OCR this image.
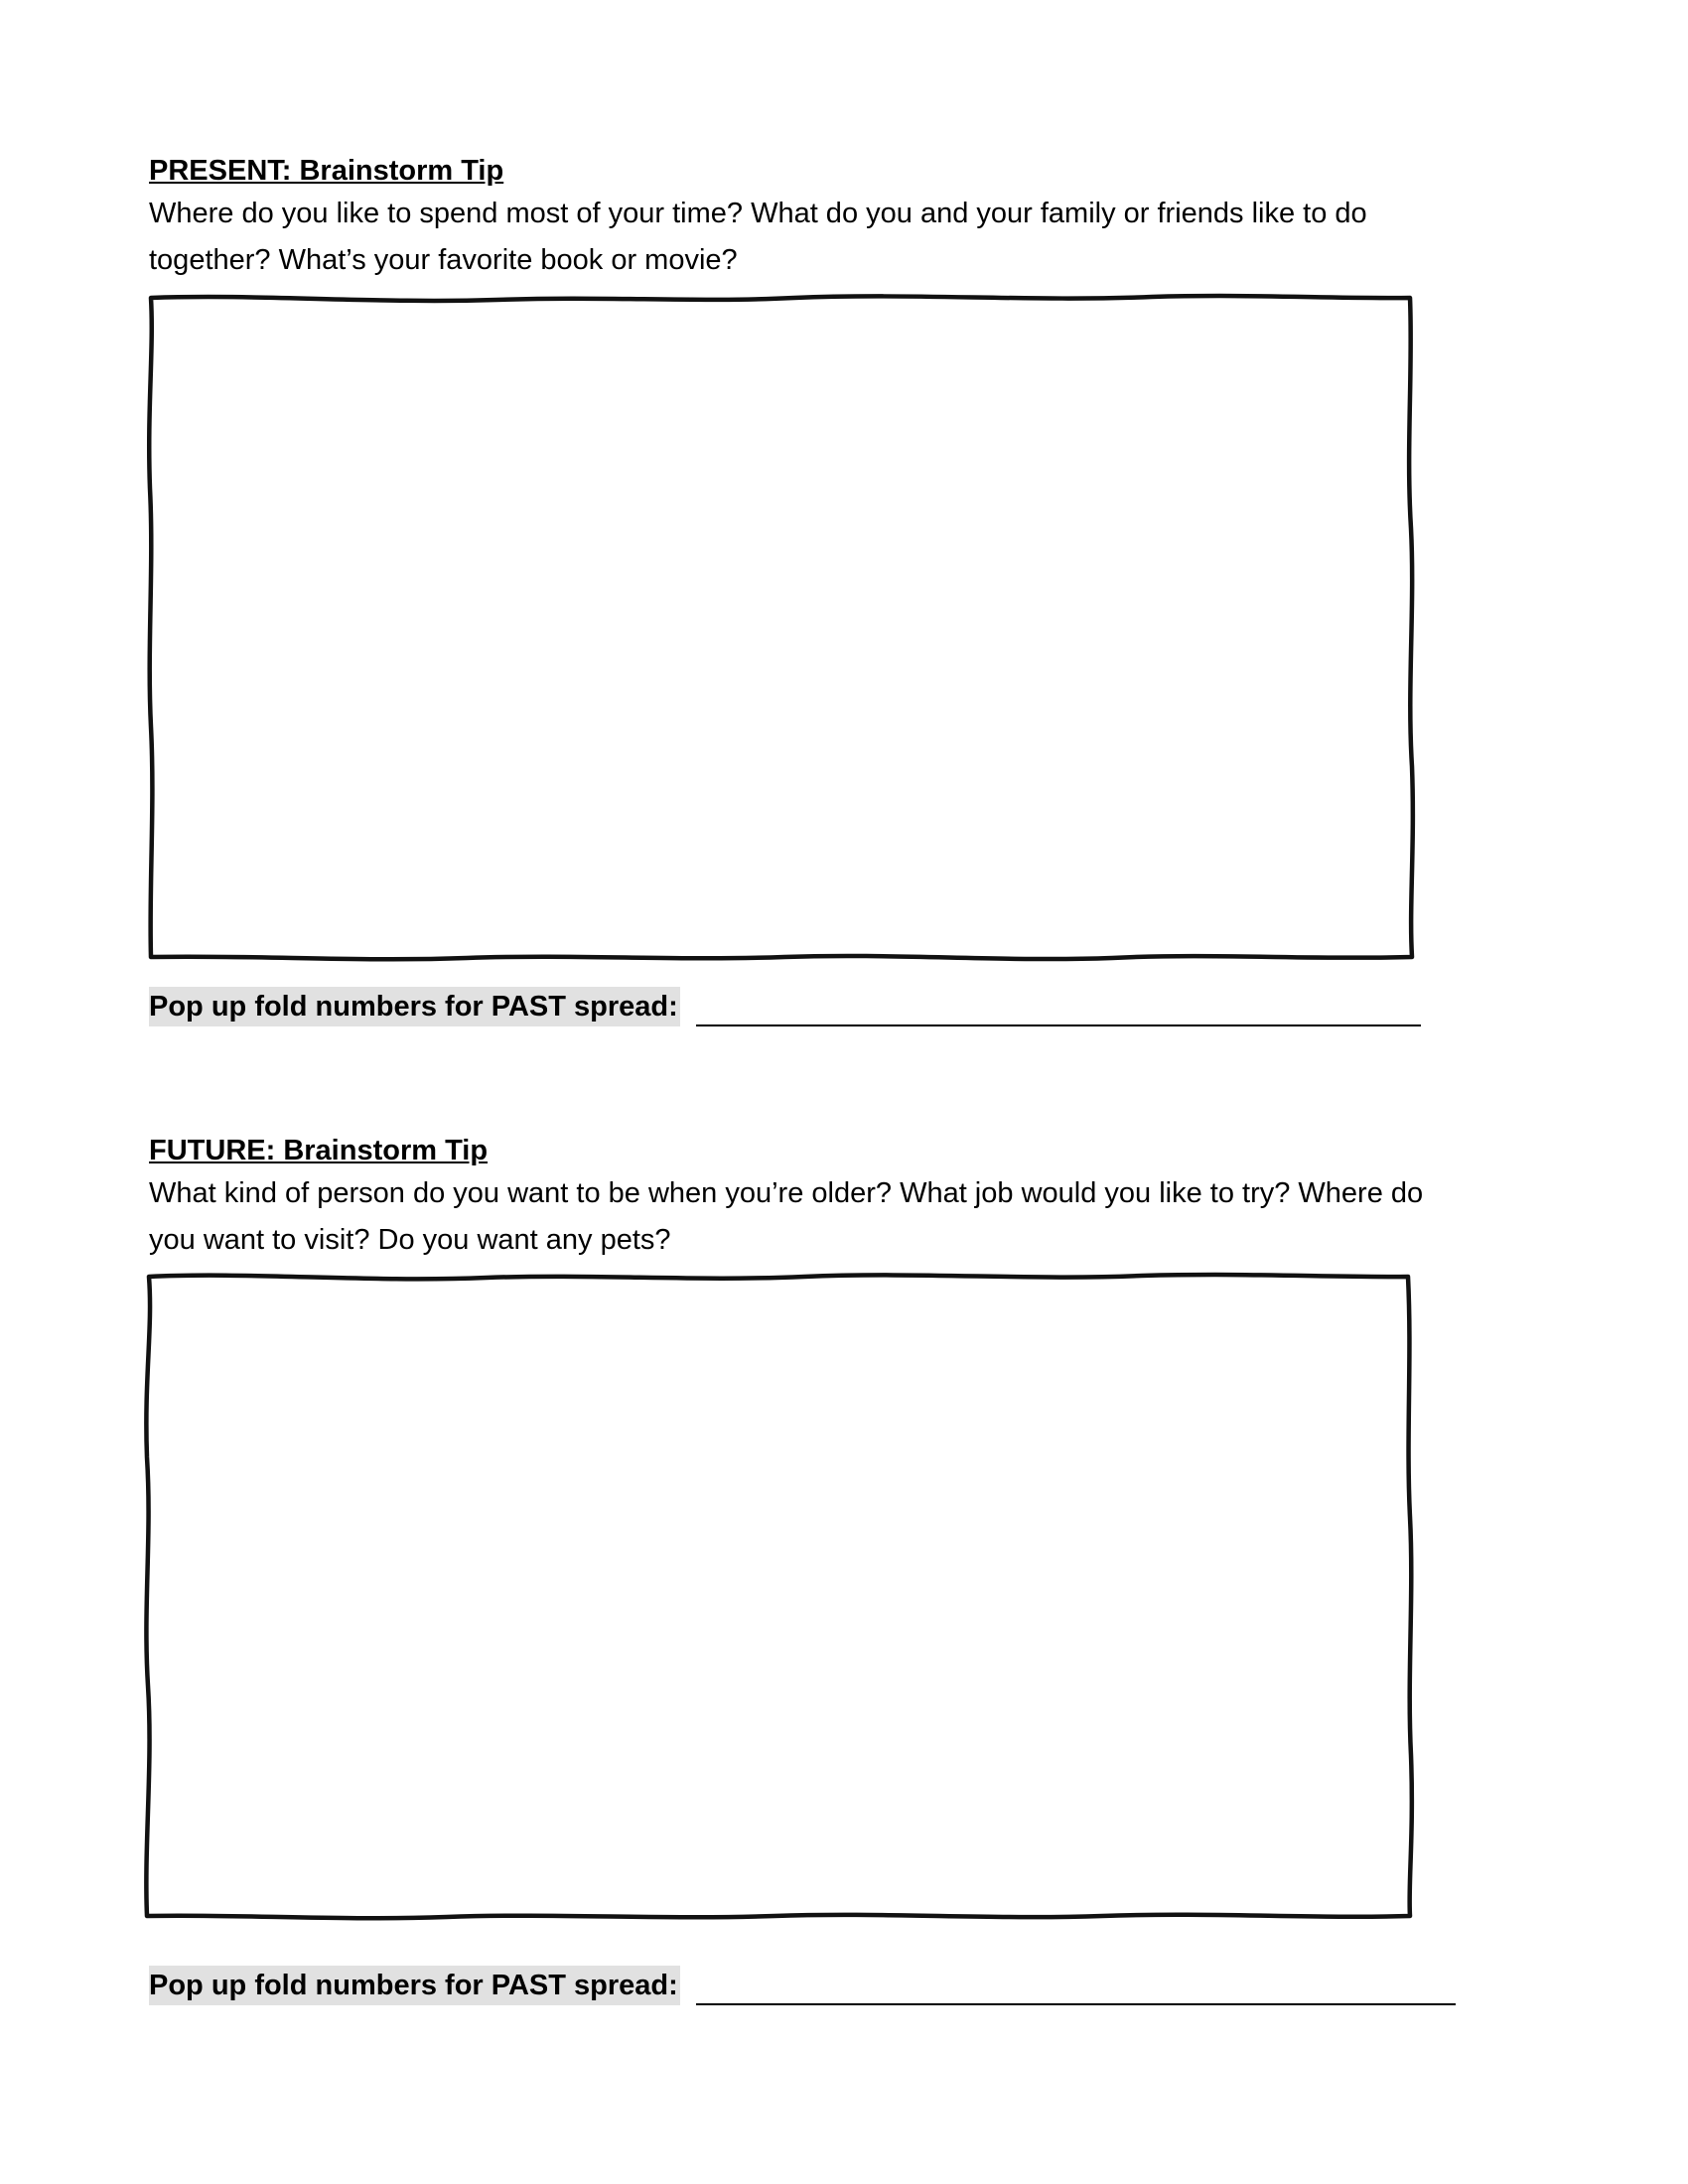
PRESENT: Brainstorm Tip

Where do you like to spend most of your time? What do you and your family or friends like to do

together? What’s your favorite book or movie?

Pop up fold numbers for PAST spread:

FUTURE: Brainstorm Tip

What kind of person do you want to be when you’re older? What job would you like to try? Where do

you want to visit? Do you want any pets?

Pop up fold numbers for PAST spread:
